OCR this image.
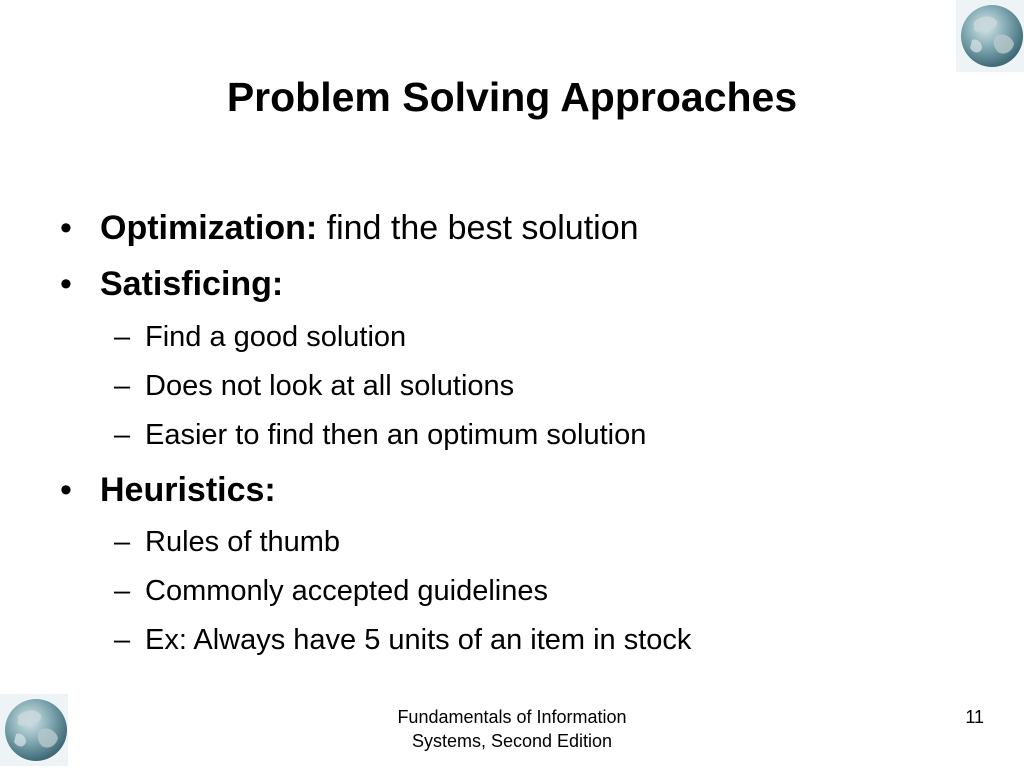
Problem Solving Approaches
• Optimization: find the best solution
• Satisficing:
– Find a good solution
– Does not look at all solutions
– Easier to find then an optimum solution
• Heuristics:
– Rules of thumb
– Commonly accepted guidelines
– Ex: Always have 5 units of an item in stock
Fundamentals of Information
Systems, Second Edition
11
